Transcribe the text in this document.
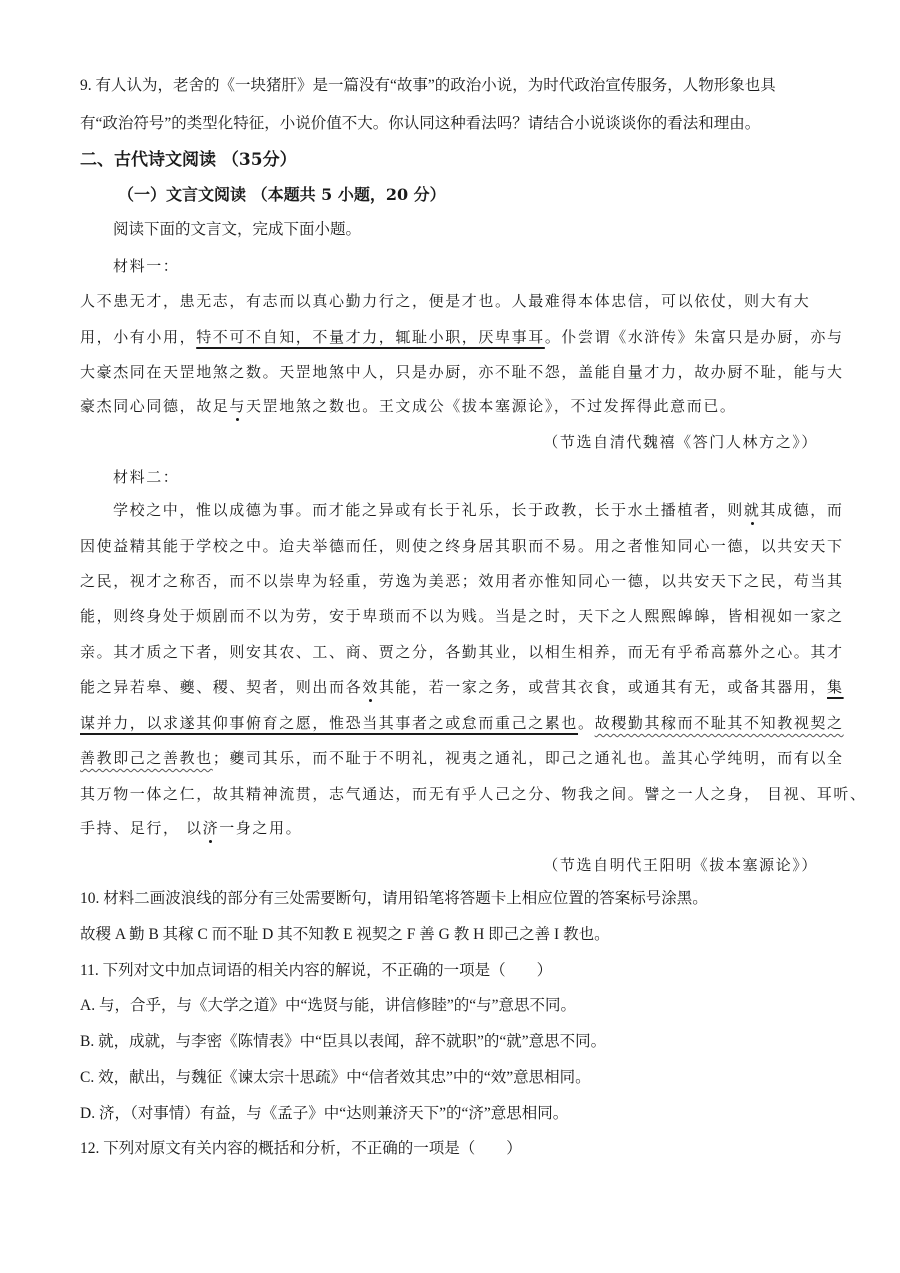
9. 有人认为，老舍的《一块猪肝》是一篇没有“故事”的政治小说，为时代政治宣传服务，人物形象也具
有“政治符号”的类型化特征，小说价值不大。你认同这种看法吗？请结合小说谈谈你的看法和理由。
二、古代诗文阅读 （35分）
（一）文言文阅读 （本题共 5 小题，20 分）
阅读下面的文言文，完成下面小题。
材料一：
人不患无才，患无志，有志而以真心勤力行之，便是才也。人最难得本体忠信，可以依仗，则大有大
用，小有小用，特不可不自知，不量才力，辄耻小职，厌卑事耳。仆尝谓《水浒传》朱富只是办厨，亦与
大豪杰同在天罡地煞之数。天罡地煞中人，只是办厨，亦不耻不怨，盖能自量才力，故办厨不耻，能与大
豪杰同心同德，故足与天罡地煞之数也。王文成公《拔本塞源论》，不过发挥得此意而已。
（节选自清代魏禧《答门人林方之》）
材料二：
学校之中，惟以成德为事。而才能之异或有长于礼乐，长于政教，长于水土播植者，则就其成德，而
因使益精其能于学校之中。迨夫举德而任，则使之终身居其职而不易。用之者惟知同心一德，以共安天下
之民，视才之称否，而不以崇卑为轻重，劳逸为美恶；效用者亦惟知同心一德，以共安天下之民，苟当其
能，则终身处于烦剧而不以为劳，安于卑琐而不以为贱。当是之时，天下之人熙熙皞皞，皆相视如一家之
亲。其才质之下者，则安其农、工、商、贾之分，各勤其业，以相生相养，而无有乎希高慕外之心。其才
能之异若皋、夔、稷、契者，则出而各效其能，若一家之务，或营其衣食，或通其有无，或备其器用，集
谋并力，以求遂其仰事俯育之愿，惟恐当其事者之或怠而重己之累也。故稷勤其稼而不耻其不知教视契之
善教即己之善教也；夔司其乐，而不耻于不明礼，视夷之通礼，即己之通礼也。盖其心学纯明，而有以全
其万物一体之仁，故其精神流贯，志气通达，而无有乎人己之分、物我之间。譬之一人之身， 目视、耳听、
手持、足行， 以济一身之用。
（节选自明代王阳明《拔本塞源论》）
10. 材料二画波浪线的部分有三处需要断句，请用铅笔将答题卡上相应位置的答案标号涂黑。
故稷 A 勤 B 其稼 C 而不耻 D 其不知教 E 视契之 F 善 G 教 H 即己之善 I 教也。
11. 下列对文中加点词语的相关内容的解说，不正确的一项是（　　）
A. 与，合乎，与《大学之道》中“选贤与能，讲信修睦”的“与”意思不同。
B. 就，成就，与李密《陈情表》中“臣具以表闻，辞不就职”的“就”意思不同。
C. 效，献出，与魏征《谏太宗十思疏》中“信者效其忠”中的“效”意思相同。
D. 济，（对事情）有益，与《孟子》中“达则兼济天下”的“济”意思相同。
12. 下列对原文有关内容的概括和分析，不正确的一项是（　　）
